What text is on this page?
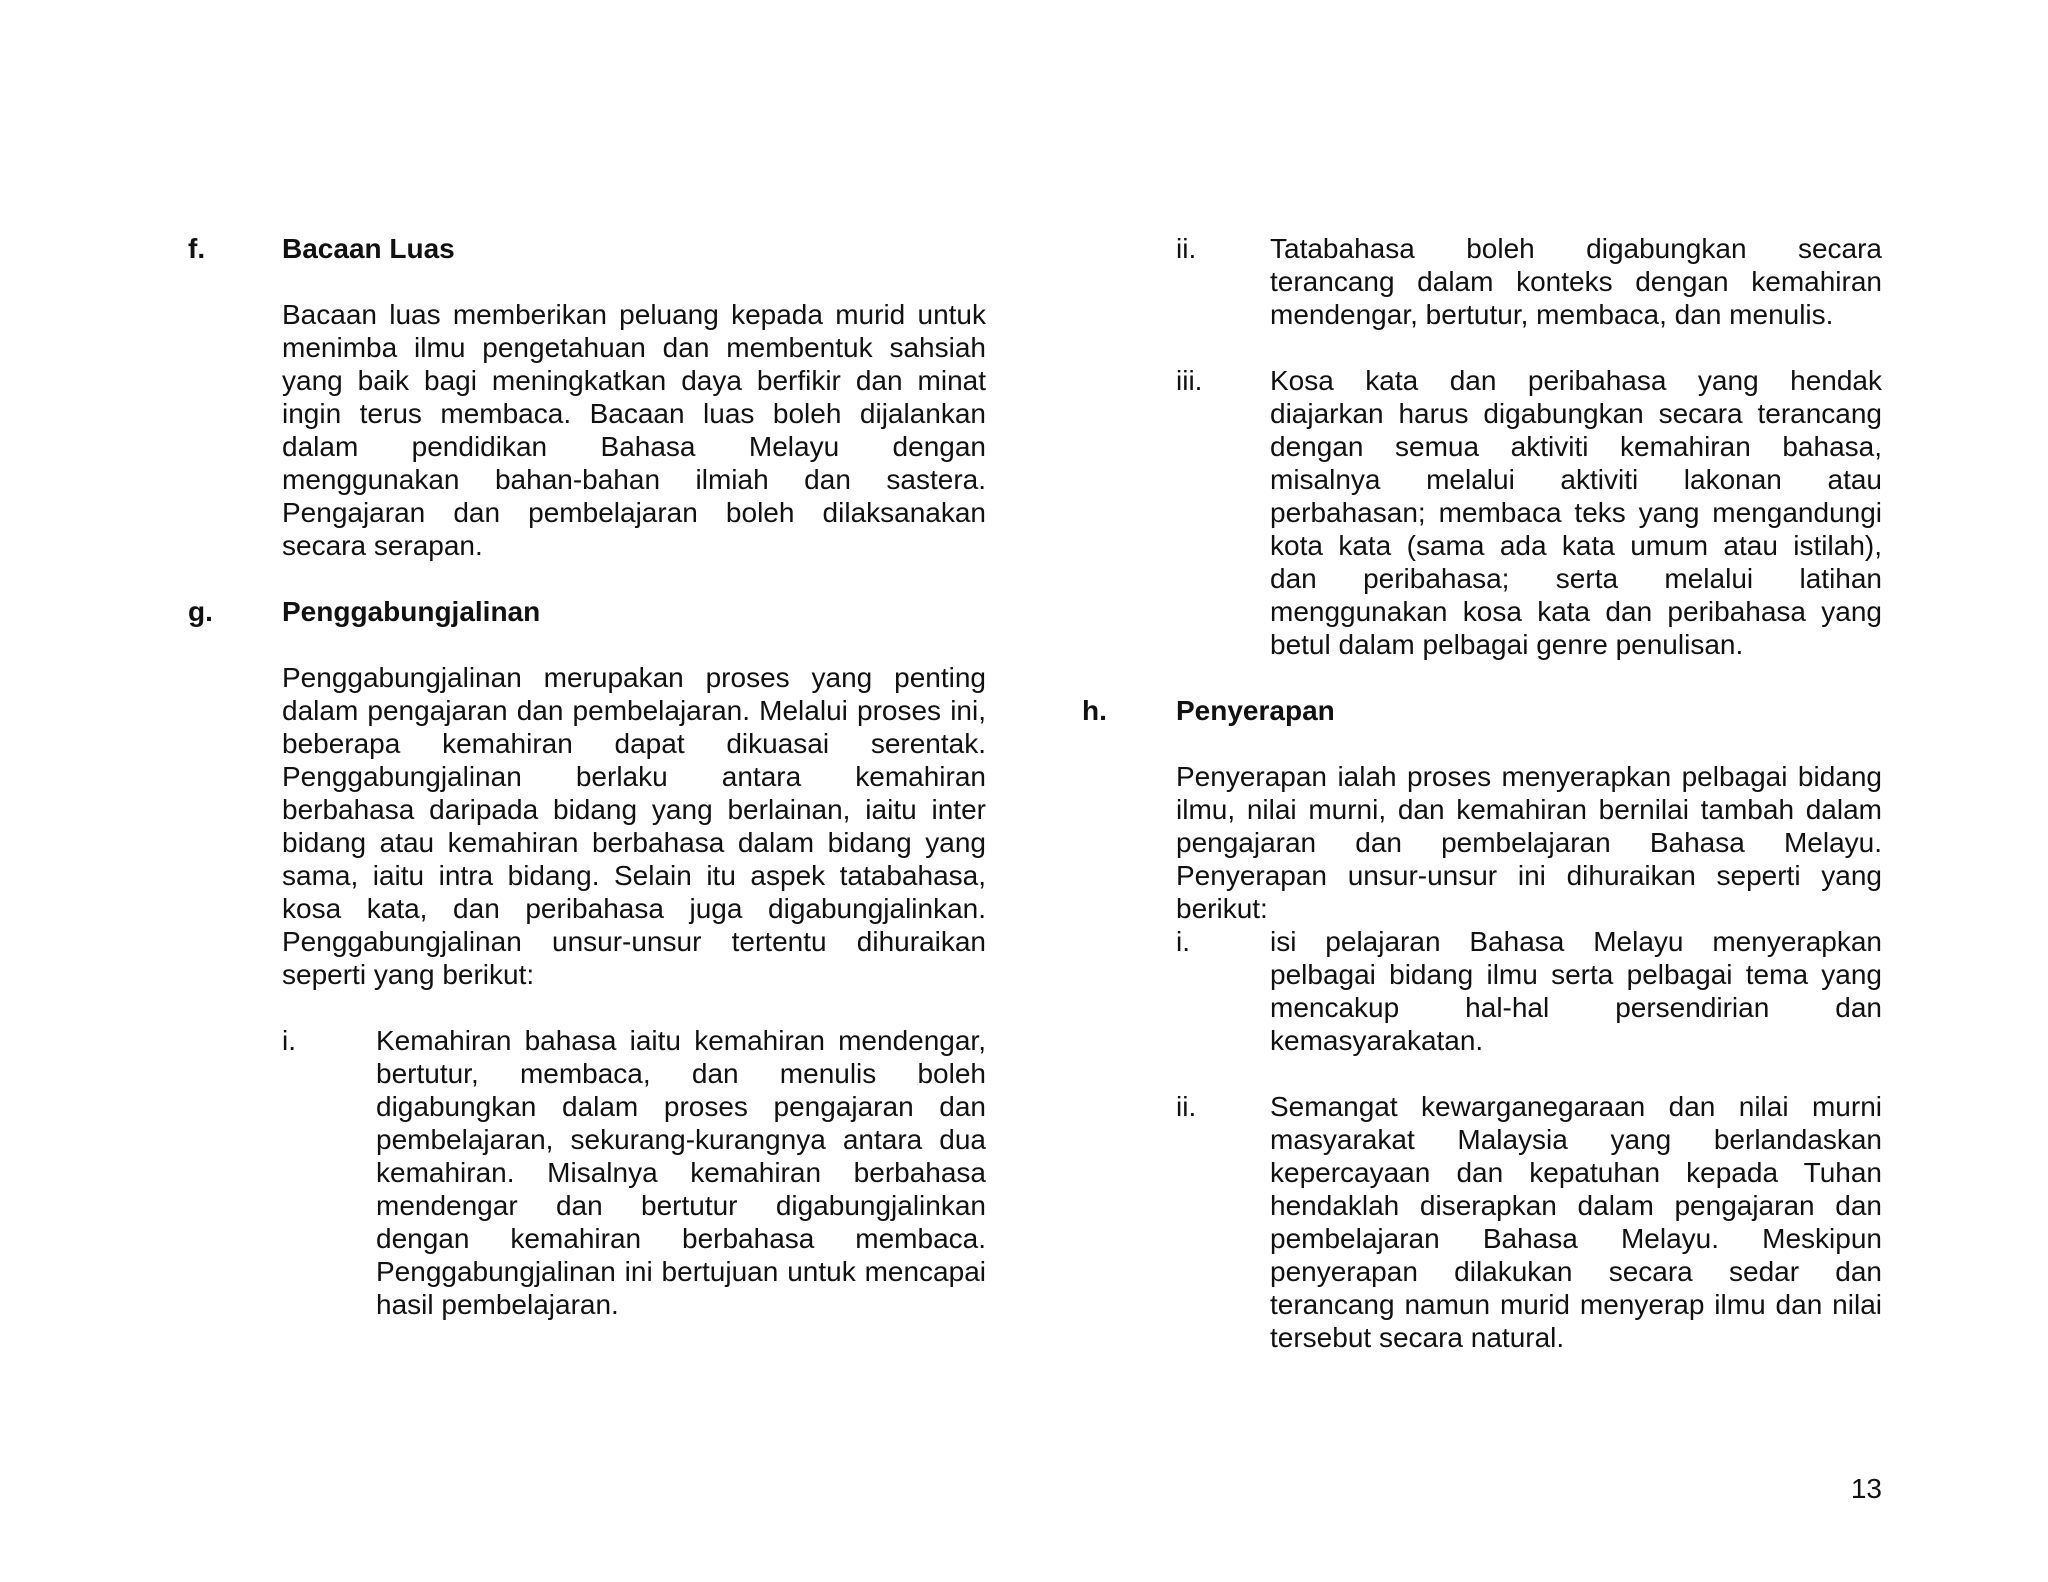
f.	Bacaan Luas

Bacaan luas memberikan peluang kepada murid untuk menimba ilmu pengetahuan dan membentuk sahsiah yang baik bagi meningkatkan daya berfikir dan minat ingin terus membaca. Bacaan luas boleh dijalankan dalam pendidikan Bahasa Melayu dengan menggunakan bahan-bahan ilmiah dan sastera. Pengajaran dan pembelajaran boleh dilaksanakan secara serapan.

g.	Penggabungjalinan

Penggabungjalinan merupakan proses yang penting dalam pengajaran dan pembelajaran. Melalui proses ini, beberapa kemahiran dapat dikuasai serentak. Penggabungjalinan berlaku antara kemahiran berbahasa daripada bidang yang berlainan, iaitu inter bidang atau kemahiran berbahasa dalam bidang yang sama, iaitu intra bidang. Selain itu aspek tatabahasa, kosa kata, dan peribahasa juga digabungjalinkan. Penggabungjalinan unsur-unsur tertentu dihuraikan seperti yang berikut:

i.	Kemahiran bahasa iaitu kemahiran mendengar, bertutur, membaca, dan menulis boleh digabungkan dalam proses pengajaran dan pembelajaran, sekurang-kurangnya antara dua kemahiran. Misalnya kemahiran berbahasa mendengar dan bertutur digabungjalinkan dengan kemahiran berbahasa membaca. Penggabungjalinan ini bertujuan untuk mencapai hasil pembelajaran.

ii.	Tatabahasa boleh digabungkan secara terancang dalam konteks dengan kemahiran mendengar, bertutur, membaca, dan menulis.

iii.	Kosa kata dan peribahasa yang hendak diajarkan harus digabungkan secara terancang dengan semua aktiviti kemahiran bahasa, misalnya melalui aktiviti lakonan atau perbahasan; membaca teks yang mengandungi kota kata (sama ada kata umum atau istilah), dan peribahasa; serta melalui latihan menggunakan kosa kata dan peribahasa yang betul dalam pelbagai genre penulisan.

h.	Penyerapan

Penyerapan ialah proses menyerapkan pelbagai bidang ilmu, nilai murni, dan kemahiran bernilai tambah dalam pengajaran dan pembelajaran Bahasa Melayu. Penyerapan unsur-unsur ini dihuraikan seperti yang berikut:

i.	isi pelajaran Bahasa Melayu menyerapkan pelbagai bidang ilmu serta pelbagai tema yang mencakup hal-hal persendirian dan kemasyarakatan.

ii.	Semangat kewarganegaraan dan nilai murni masyarakat Malaysia yang berlandaskan kepercayaan dan kepatuhan kepada Tuhan hendaklah diserapkan dalam pengajaran dan pembelajaran Bahasa Melayu. Meskipun penyerapan dilakukan secara sedar dan terancang namun murid menyerap ilmu dan nilai tersebut secara natural.

13
